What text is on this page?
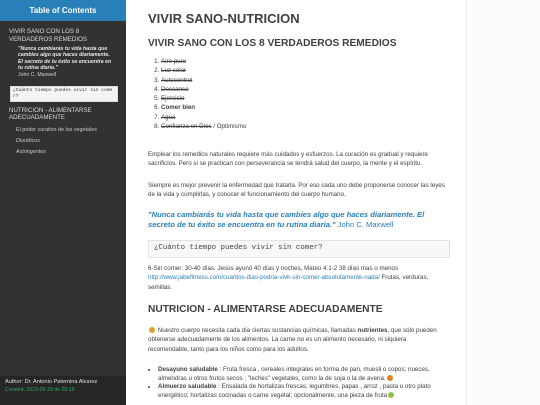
Table of Contents
VIVIR SANO CON LOS 8 VERDADEROS REMEDIOS
"Nunca cambiarás tu vida hasta que cambies algo que haces diariamente. El secreto de tu éxito se encuentra en tu rutina diaria."
John C. Maxwell
¿Cuánto tiempo puedes vivir sin comer?
NUTRICION - ALIMENTARSE ADECUADAMENTE
El poder curativo de los vegetales
Diuréticos
Astringentes
Author: Dr. Antonio Paternina Alvarez
Created: 2023-09-29 de 20:16
VIVIR SANO-NUTRICION
VIVIR SANO CON LOS 8 VERDADEROS REMEDIOS
1. Aire puro
2. Luz solar
3. Autocontrol
4. Descanso
5. Ejercicio
6. Comer bien
7. Agua
8. Confianza en Dios / Optimismo
Emplear los remedios naturales requiere más cuidados y esfuerzos. La curación es gradual y requiere sacrificios. Pero si se practican con perseverancia se tendrá salud del cuerpo, la mente y el espíritu.
Siempre es mejor prevenir la enfermedad que tratarla. Por eso cada uno debe proponerse conocer las leyes de la vida y cumplirlas, y conocer el funcionamiento del cuerpo humano.
"Nunca cambiarás tu vida hasta que cambies algo que haces diariamente. El secreto de tu éxito se encuentra en tu rutina diaria." John C. Maxwell
¿Cuánto tiempo puedes vivir sin comer?
6-Sin comer: 30-40 días. Jesús ayunó 40 días y noches, Mateo 4:1-2 38 días mas o menos
http://www.jabefitness.com/cuantos-dias-podria-vivir-sin-comer-absolutamente-nada/ Frutas, verduras, semillas.
NUTRICION - ALIMENTARSE ADECUADAMENTE
Nuestro cuerpo necesita cada día ciertas sustancias químicas, llamadas nutrientes, que sólo pueden obtenerse adecuadamente de los alimentos. La carne no es un alimento necesario, ni siquiera recomendable, tanto para los niños como para los adultos.
• Desayuno saludable : Fruta fresca , cereales integrales en forma de pan, muesli o copos; nueces, almendras u otros frutos secos ; "leches" vegetales, como la de soja o la de avena.
• Almuerzo saludable : Ensalada de hortalizas frescas; legumbres, papas , arroz , pasta u otro plato energético; hortalizas cocinadas o carne vegetal; opcionalmente, una pieza de fruta
